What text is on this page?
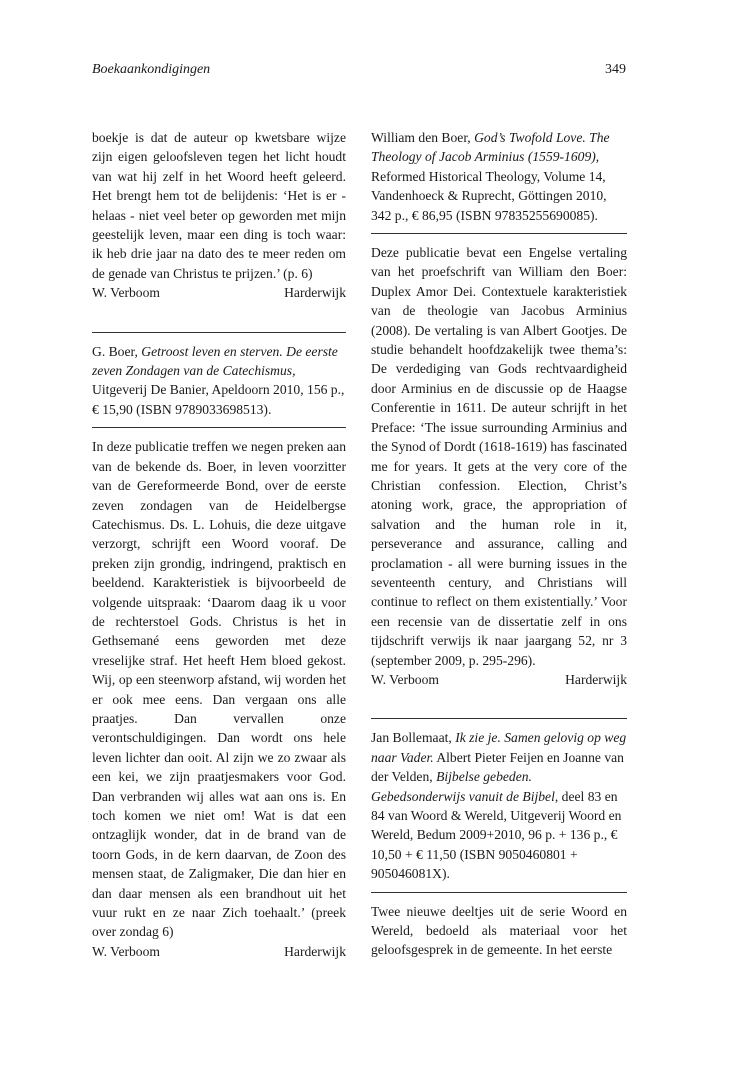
Boekaankondigingen	349

boekje is dat de auteur op kwetsbare wijze zijn eigen geloofsleven tegen het licht houdt van wat hij zelf in het Woord heeft geleerd. Het brengt hem tot de belijdenis: ‘Het is er - helaas - niet veel beter op geworden met mijn geestelijk leven, maar een ding is toch waar: ik heb drie jaar na dato des te meer reden om de genade van Christus te prijzen.’ (p. 6)

W. Verboom	Harderwijk

G. Boer, Getroost leven en sterven. De eerste zeven Zondagen van de Catechismus, Uitgeverij De Banier, Apeldoorn 2010, 156 p., € 15,90 (ISBN 9789033698513).

In deze publicatie treffen we negen preken aan van de bekende ds. Boer, in leven voorzitter van de Gereformeerde Bond, over de eerste zeven zondagen van de Heidelbergse Catechismus. Ds. L. Lohuis, die deze uitgave verzorgt, schrijft een Woord vooraf. De preken zijn grondig, indringend, praktisch en beeldend. Karakteristiek is bijvoorbeeld de volgende uitspraak: ‘Daarom daag ik u voor de rechterstoel Gods. Christus is het in Gethsemané eens geworden met deze vreselijke straf. Het heeft Hem bloed gekost. Wij, op een steenworp afstand, wij worden het er ook mee eens. Dan vergaan ons alle praatjes. Dan vervallen onze verontschuldigingen. Dan wordt ons hele leven lichter dan ooit. Al zijn we zo zwaar als een kei, we zijn praatjesmakers voor God. Dan verbranden wij alles wat aan ons is. En toch komen we niet om! Wat is dat een ontzaglijk wonder, dat in de brand van de toorn Gods, in de kern daarvan, de Zoon des mensen staat, de Zaligmaker, Die dan hier en dan daar mensen als een brandhout uit het vuur rukt en ze naar Zich toehaalt.’ (preek over zondag 6)

W. Verboom	Harderwijk

William den Boer, God’s Twofold Love. The Theology of Jacob Arminius (1559-1609), Reformed Historical Theology, Volume 14, Vandenhoeck & Ruprecht, Göttingen 2010, 342 p., € 86,95 (ISBN 97835255690085).

Deze publicatie bevat een Engelse vertaling van het proefschrift van William den Boer: Duplex Amor Dei. Contextuele karakteristiek van de theologie van Jacobus Arminius (2008). De vertaling is van Albert Gootjes. De studie behandelt hoofdzakelijk twee thema’s: De verdediging van Gods rechtvaardigheid door Arminius en de discussie op de Haagse Conferentie in 1611. De auteur schrijft in het Preface: ‘The issue surrounding Arminius and the Synod of Dordt (1618-1619) has fascinated me for years. It gets at the very core of the Christian confession. Election, Christ’s atoning work, grace, the appropriation of salvation and the human role in it, perseverance and assurance, calling and proclamation - all were burning issues in the seventeenth century, and Christians will continue to reflect on them existentially.’ Voor een recensie van de dissertatie zelf in ons tijdschrift verwijs ik naar jaargang 52, nr 3 (september 2009, p. 295-296).

W. Verboom	Harderwijk

Jan Bollemaat, Ik zie je. Samen gelovig op weg naar Vader. Albert Pieter Feijen en Joanne van der Velden, Bijbelse gebeden. Gebedsonderwijs vanuit de Bijbel, deel 83 en 84 van Woord & Wereld, Uitgeverij Woord en Wereld, Bedum 2009+2010, 96 p. + 136 p., € 10,50 + € 11,50 (ISBN 9050460801 + 905046081X).

Twee nieuwe deeltjes uit de serie Woord en Wereld, bedoeld als materiaal voor het geloofsgesprek in de gemeente. In het eerste
